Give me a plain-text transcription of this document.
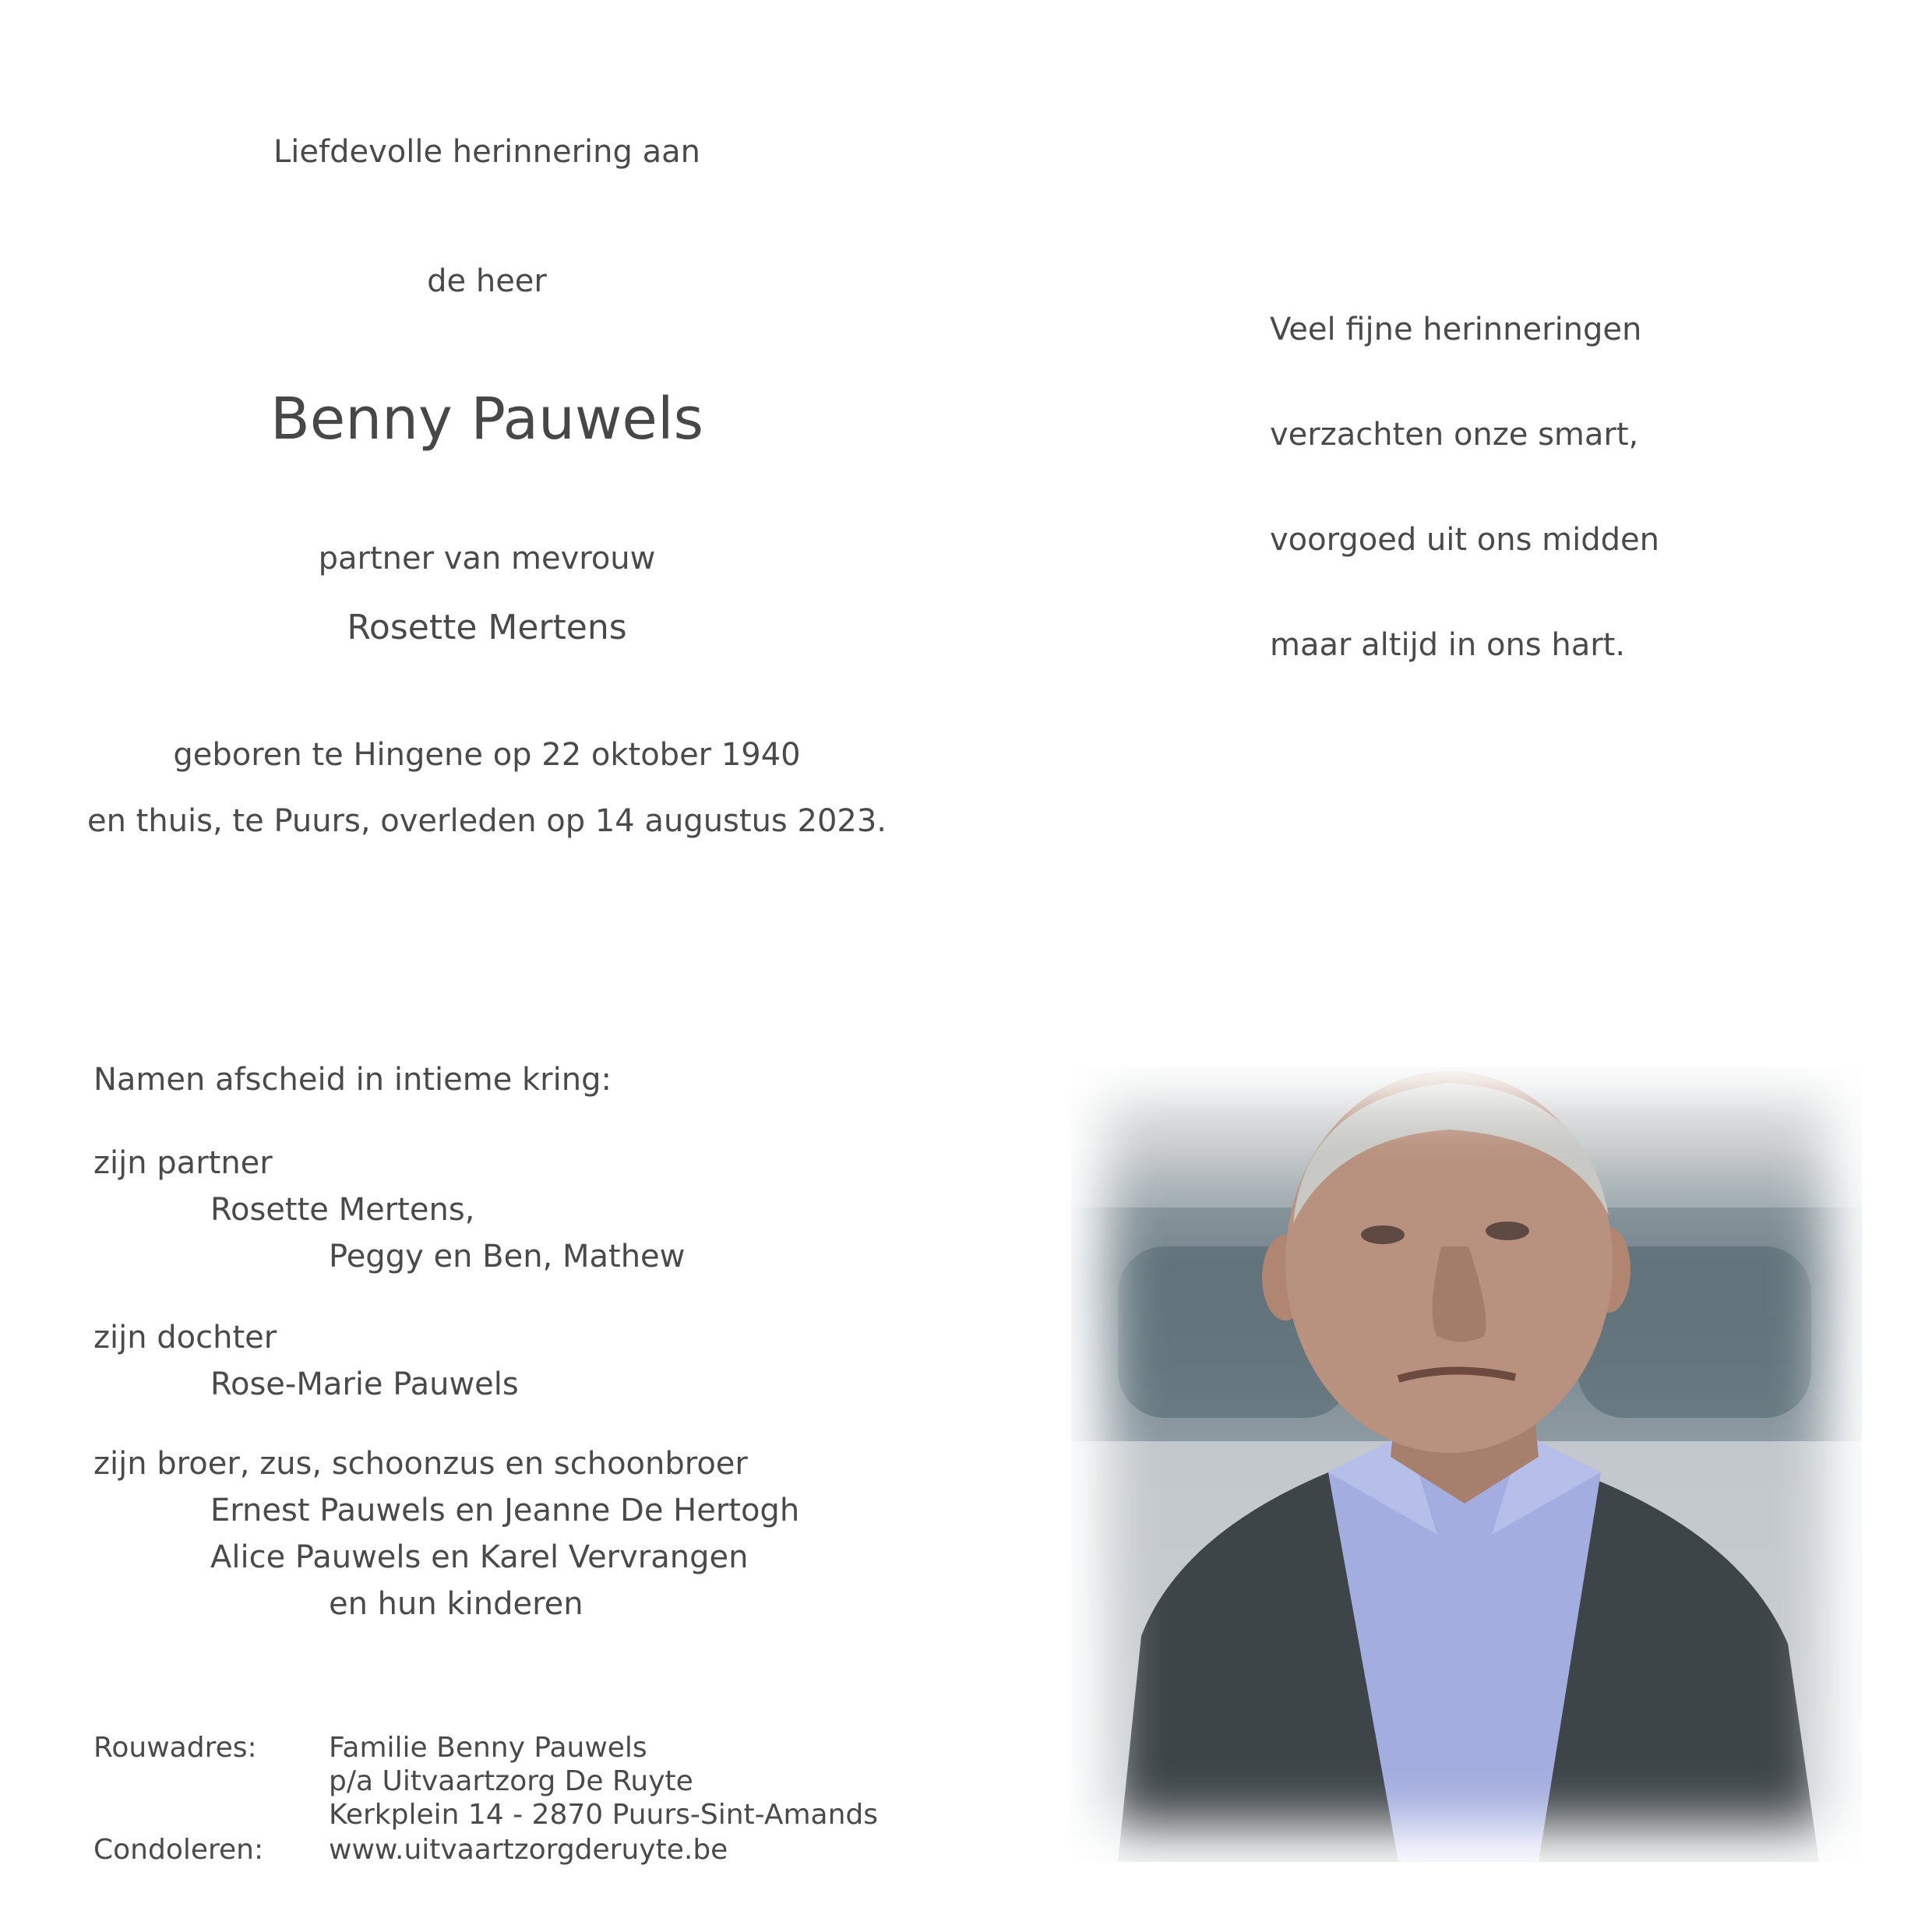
Liefdevolle herinnering aan
de heer
Benny Pauwels
partner van mevrouw
Rosette Mertens
geboren te Hingene op 22 oktober 1940
en thuis, te Puurs, overleden op 14 augustus 2023.
Veel fijne herinneringen
verzachten onze smart,
voorgoed uit ons midden
maar altijd in ons hart.
Namen afscheid in intieme kring:
zijn partner
Rosette Mertens,
Peggy en Ben, Mathew
zijn dochter
Rose-Marie Pauwels
zijn broer, zus, schoonzus en schoonbroer
Ernest Pauwels en Jeanne De Hertogh
Alice Pauwels en Karel Vervrangen
en hun kinderen
Rouwadres:	Familie Benny Pauwels
p/a Uitvaartzorg De Ruyte
Kerkplein 14 - 2870 Puurs-Sint-Amands
Condoleren: www.uitvaartzorgderuyte.be
